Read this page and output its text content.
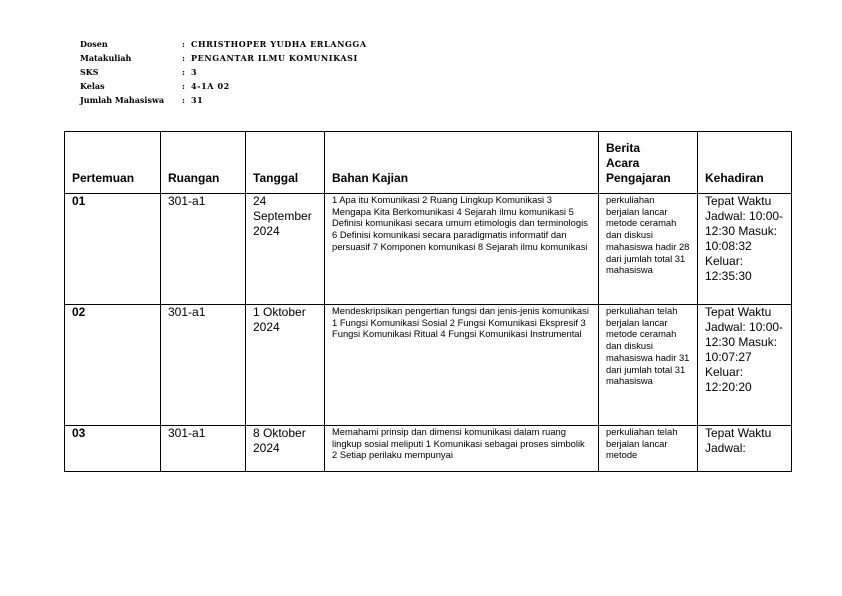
Dosen	: CHRISTHOPER YUDHA ERLANGGA
Matakuliah	: PENGANTAR ILMU KOMUNIKASI
SKS	: 3
Kelas	: 4-1A 02
Jumlah Mahasiswa	: 31
Pertemuan	Ruangan	Tanggal	Bahan Kajian	Berita
Acara
Pengajaran	Kehadiran
01	301-a1	24 September 2024	1 Apa itu Komunikasi 2 Ruang Lingkup Komunikasi 3 Mengapa Kita Berkomunikasi 4 Sejarah ilmu komunikasi 5 Definisi komunikasi secara umum etimologis dan terminologis 6 Definisi komunikasi secara paradigmatis informatif dan persuasif 7 Komponen komunikasi 8 Sejarah ilmu komunikasi	perkuliahan berjalan lancar metode ceramah dan diskusi mahasiswa hadir 28 dari jumlah total 31 mahasiswa	Tepat Waktu Jadwal: 10:00-12:30 Masuk: 10:08:32 Keluar: 12:35:30
02	301-a1	1 Oktober 2024	Mendeskripsikan pengertian fungsi dan jenis-jenis komunikasi 1 Fungsi Komunikasi Sosial 2 Fungsi Komunikasi Ekspresif 3 Fungsi Komunikasi Ritual 4 Fungsi Komunikasi Instrumental	perkuliahan telah berjalan lancar metode ceramah dan diskusi mahasiswa hadir 31 dari jumlah total 31 mahasiswa	Tepat Waktu Jadwal: 10:00-12:30 Masuk: 10:07:27 Keluar: 12:20:20

03	301-a1	8 Oktober 2024	Memahami prinsip dan dimensi komunikasi dalam ruang lingkup sosial meliputi 1 Komunikasi sebagai proses simbolik 2 Setiap perilaku mempunyai	perkuliahan telah berjalan lancar metode	Tepat Waktu Jadwal:
